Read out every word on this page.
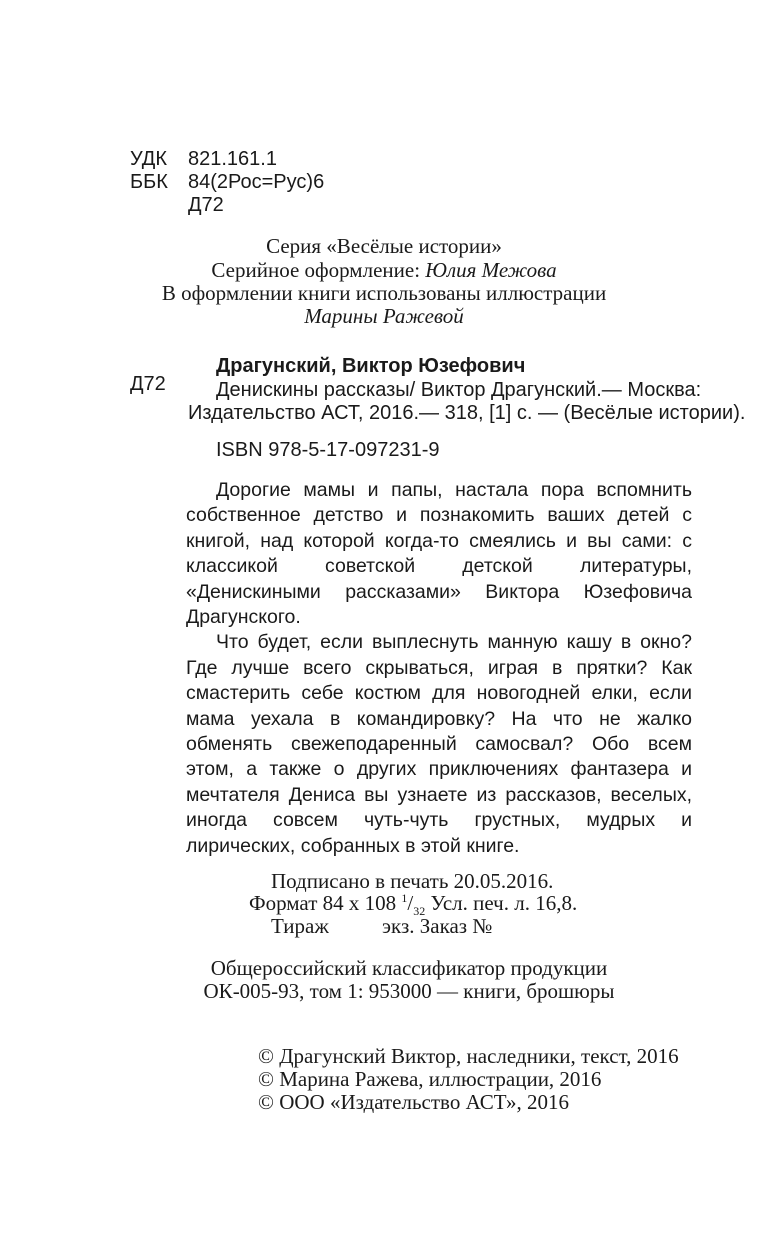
УДК 821.161.1
ББК 84(2Рос=Рус)6
Д72
Серия «Весёлые истории»
Серийное оформление: Юлия Межова
В оформлении книги использованы иллюстрации
Марины Ражевой
Д72
Драгунский, Виктор Юзефович
Денискины рассказы/ Виктор Драгунский.— Москва:
Издательство АСТ, 2016.— 318, [1] с. — (Весёлые истории).
ISBN 978-5-17-097231-9

Дорогие мамы и папы, настала пора вспомнить собственное детство и познакомить ваших детей с книгой, над которой когда-то смеялись и вы сами: с классикой советской детской литературы, «Денискиными рассказами» Виктора Юзефовича Драгунского.

Что будет, если выплеснуть манную кашу в окно? Где лучше всего скрываться, играя в прятки? Как смастерить себе костюм для новогодней елки, если мама уехала в командировку? На что не жалко обменять свежеподаренный самосвал? Обо всем этом, а также о других приключениях фантазера и мечтателя Дениса вы узнаете из рассказов, веселых, иногда совсем чуть-чуть грустных, мудрых и лирических, собранных в этой книге.

Подписано в печать 20.05.2016.
Формат 84 x 108 $^1/_{32}$ Усл. печ. л. 16,8.
Тираж	экз. Заказ №
Общероссийский классификатор продукции
ОК-005-93, том 1: 953000 — книги, брошюры
© Драгунский Виктор, наследники, текст, 2016
© Марина Ражева, иллюстрации, 2016
© ООО «Издательство АСТ», 2016
